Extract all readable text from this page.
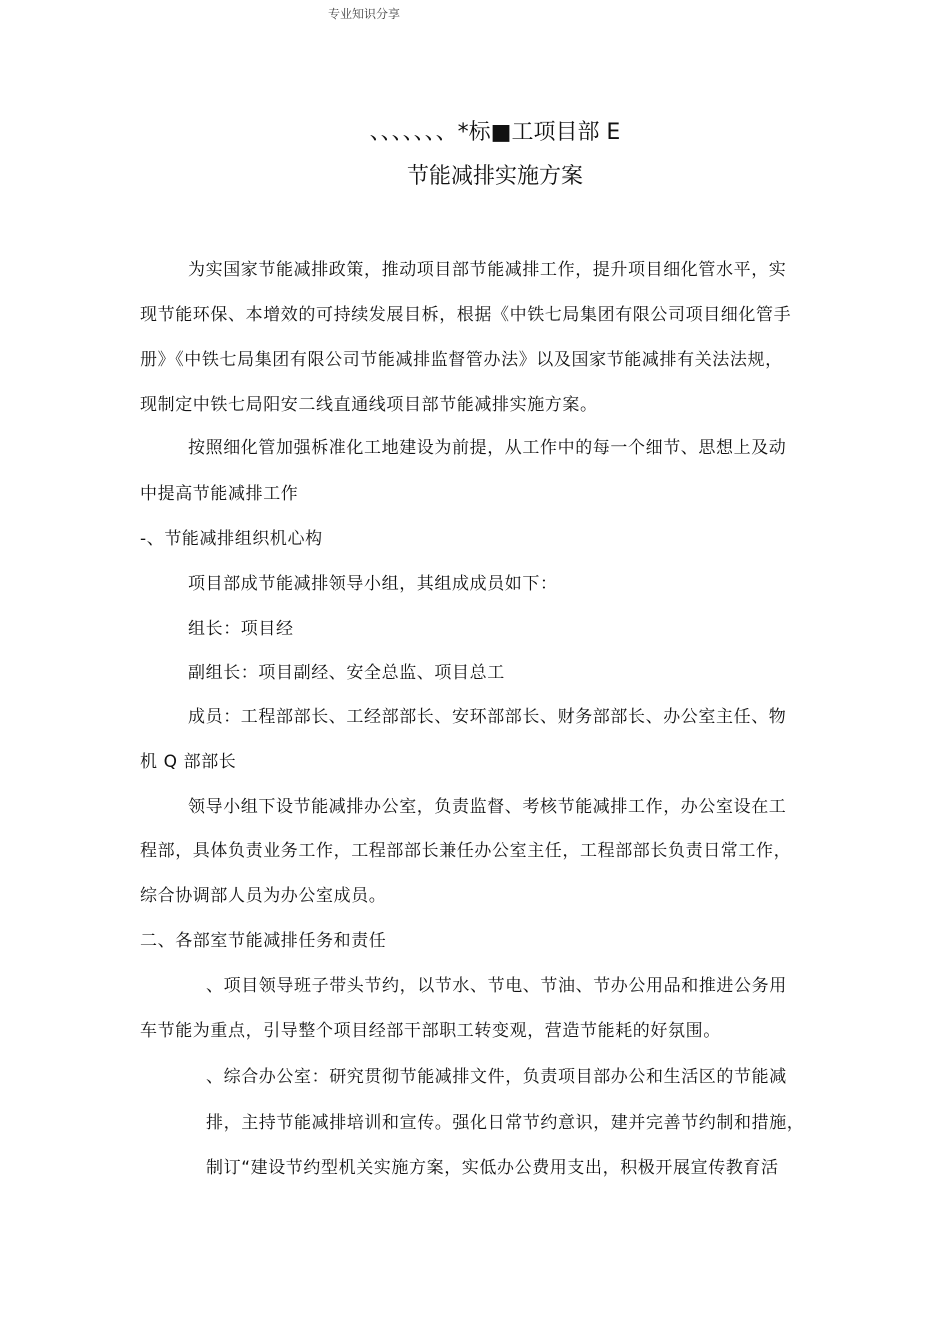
专业知识分享
、、、、、、、*标■工项目部 E
节能减排实施方案
为实国家节能减排政策，推动项目部节能减排工作，提升项目细化管水平，实
现节能环保、本增效的可持续发展目柝，根据《中铁七局集团有限公司项目细化管手
册》《中铁七局集团有限公司节能减排监督管办法》以及国家节能减排有关法法规，
现制定中铁七局阳安二线直通线项目部节能减排实施方案。
按照细化管加强柝准化工地建设为前提，从工作中的每一个细节、思想上及动
中提高节能减排工作
-、节能减排组织机心构
项目部成节能减排领导小组，其组成成员如下：
组长：项目经
副组长：项目副经、安全总监、项目总工
成员：工程部部长、工经部部长、安环部部长、财务部部长、办公室主任、物
机 Q 部部长
领导小组下设节能减排办公室，负责监督、考核节能减排工作，办公室设在工
程部，具体负责业务工作，工程部部长兼任办公室主任，工程部部长负责日常工作，
综合协调部人员为办公室成员。
二、各部室节能减排任务和责任
、项目领导班子带头节约，以节水、节电、节油、节办公用品和推进公务用
车节能为重点，引导整个项目经部干部职工转变观，营造节能耗的好氛围。
、综合办公室：研究贯彻节能减排文件，负责项目部办公和生活区的节能减
排，主持节能减排培训和宣传。强化日常节约意识，建并完善节约制和措施，
制订“建设节约型机关实施方案，实低办公费用支出，积极开展宣传教育活
